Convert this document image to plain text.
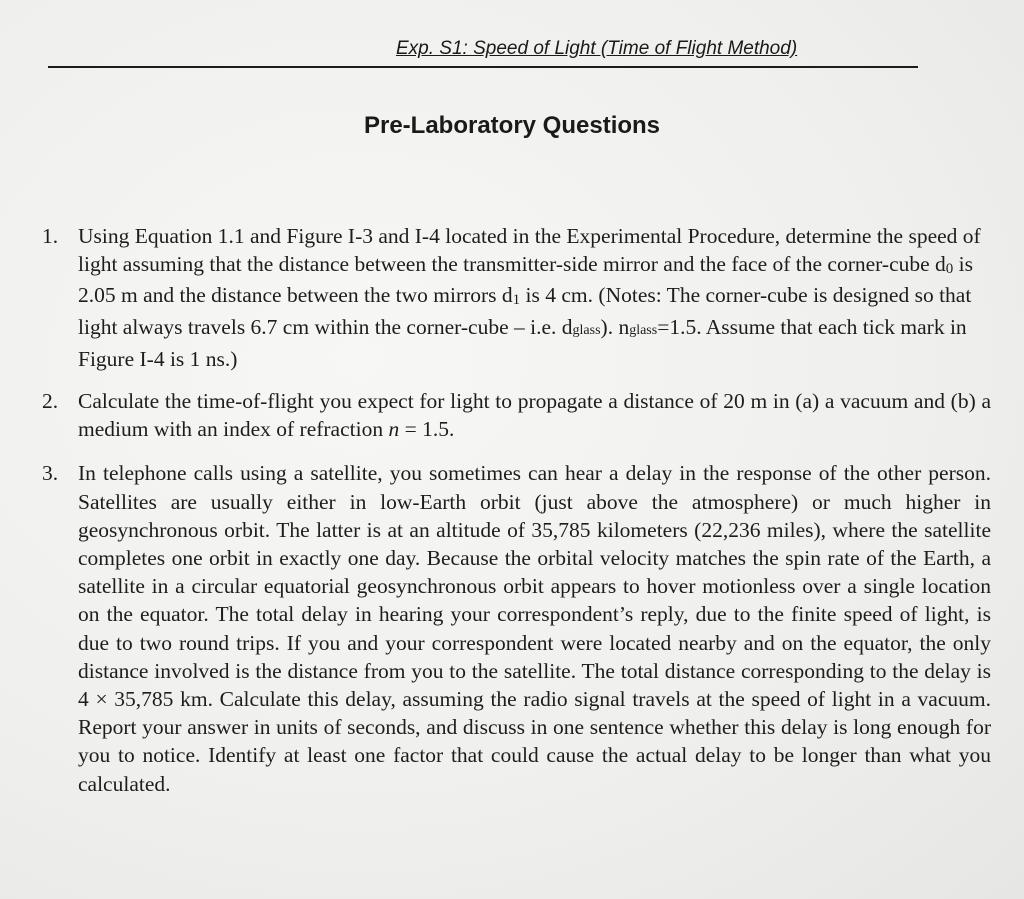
Exp. S1: Speed of Light (Time of Flight Method)
Pre-Laboratory Questions
1. Using Equation 1.1 and Figure I-3 and I-4 located in the Experimental Procedure, determine the speed of light assuming that the distance between the transmitter-side mirror and the face of the corner-cube d0 is 2.05 m and the distance between the two mirrors d1 is 4 cm. (Notes: The corner-cube is designed so that light always travels 6.7 cm within the corner-cube – i.e. dglass). nglass=1.5. Assume that each tick mark in Figure I-4 is 1 ns.)
2. Calculate the time-of-flight you expect for light to propagate a distance of 20 m in (a) a vacuum and (b) a medium with an index of refraction n = 1.5.
3. In telephone calls using a satellite, you sometimes can hear a delay in the response of the other person. Satellites are usually either in low-Earth orbit (just above the atmosphere) or much higher in geosynchronous orbit. The latter is at an altitude of 35,785 kilometers (22,236 miles), where the satellite completes one orbit in exactly one day. Because the orbital velocity matches the spin rate of the Earth, a satellite in a circular equatorial geosynchronous orbit appears to hover motionless over a single location on the equator. The total delay in hearing your correspondent’s reply, due to the finite speed of light, is due to two round trips. If you and your correspondent were located nearby and on the equator, the only distance involved is the distance from you to the satellite. The total distance corresponding to the delay is 4 × 35,785 km. Calculate this delay, assuming the radio signal travels at the speed of light in a vacuum. Report your answer in units of seconds, and discuss in one sentence whether this delay is long enough for you to notice. Identify at least one factor that could cause the actual delay to be longer than what you calculated.
